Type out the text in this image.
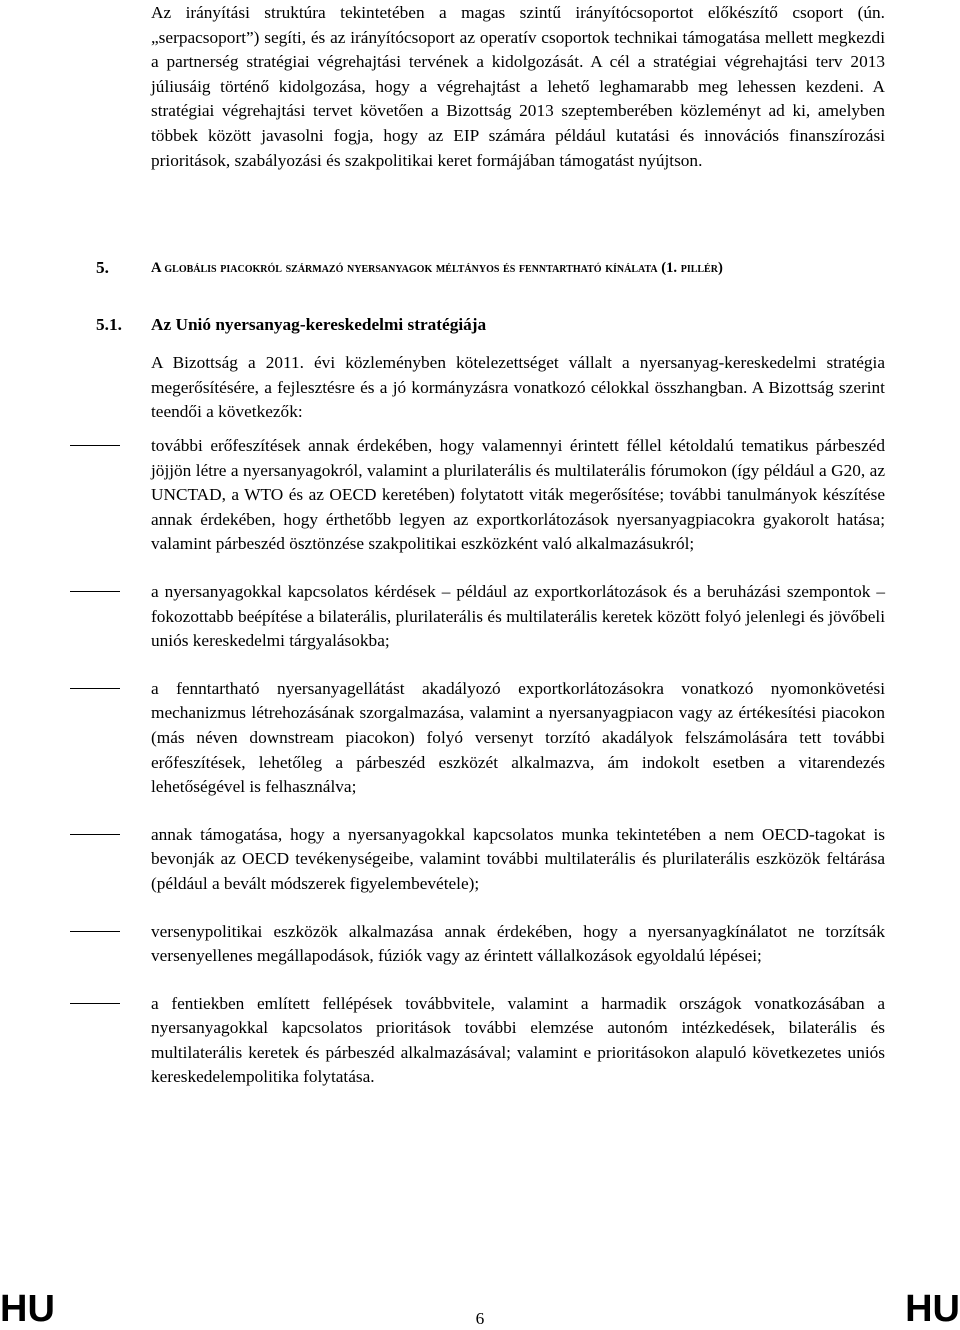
Az irányítási struktúra tekintetében a magas szintű irányítócsoportot előkészítő csoport (ún. „serpacsoport”) segíti, és az irányítócsoport az operatív csoportok technikai támogatása mellett megkezdi a partnerség stratégiai végrehajtási tervének a kidolgozását. A cél a stratégiai végrehajtási terv 2013 júliusáig történő kidolgozása, hogy a végrehajtást a lehető leghamarabb meg lehessen kezdeni. A stratégiai végrehajtási tervet követően a Bizottság 2013 szeptemberében közleményt ad ki, amelyben többek között javasolni fogja, hogy az EIP számára például kutatási és innovációs finanszírozási prioritások, szabályozási és szakpolitikai keret formájában támogatást nyújtson.

5.	A globális piacokról származó nyersanyagok méltányos és fenntartható kínálata (1. pillér)
5.1. Az Unió nyersanyag-kereskedelmi stratégiája

A Bizottság a 2011. évi közleményben kötelezettséget vállalt a nyersanyag-kereskedelmi stratégia megerősítésére, a fejlesztésre és a jó kormányzásra vonatkozó célokkal összhangban. A Bizottság szerint teendői a következők:

további erőfeszítések annak érdekében, hogy valamennyi érintett féllel kétoldalú tematikus párbeszéd jöjjön létre a nyersanyagokról, valamint a plurilaterális és multilaterális fórumokon (így például a G20, az UNCTAD, a WTO és az OECD keretében) folytatott viták megerősítése; további tanulmányok készítése annak érdekében, hogy érthetőbb legyen az exportkorlátozások nyersanyagpiacokra gyakorolt hatása; valamint párbeszéd ösztönzése szakpolitikai eszközként való alkalmazásukról;

a nyersanyagokkal kapcsolatos kérdések – például az exportkorlátozások és a beruházási szempontok – fokozottabb beépítése a bilaterális, plurilaterális és multilaterális keretek között folyó jelenlegi és jövőbeli uniós kereskedelmi tárgyalásokba;

a fenntartható nyersanyagellátást akadályozó exportkorlátozásokra vonatkozó nyomonkövetési mechanizmus létrehozásának szorgalmazása, valamint a nyersanyagpiacon vagy az értékesítési piacokon (más néven downstream piacokon) folyó versenyt torzító akadályok felszámolására tett további erőfeszítések, lehetőleg a párbeszéd eszközét alkalmazva, ám indokolt esetben a vitarendezés lehetőségével is felhasználva;

annak támogatása, hogy a nyersanyagokkal kapcsolatos munka tekintetében a nem OECD-tagokat is bevonják az OECD tevékenységeibe, valamint további multilaterális és plurilaterális eszközök feltárása (például a bevált módszerek figyelembevétele);

versenypolitikai eszközök alkalmazása annak érdekében, hogy a nyersanyagkínálatot ne torzítsák versenyellenes megállapodások, fúziók vagy az érintett vállalkozások egyoldalú lépései;

a fentiekben említett fellépések továbbvitele, valamint a harmadik országok vonatkozásában a nyersanyagokkal kapcsolatos prioritások további elemzése autonóm intézkedések, bilaterális és multilaterális keretek és párbeszéd alkalmazásával; valamint e prioritásokon alapuló következetes uniós kereskedelempolitika folytatása.

HU	6	HU
